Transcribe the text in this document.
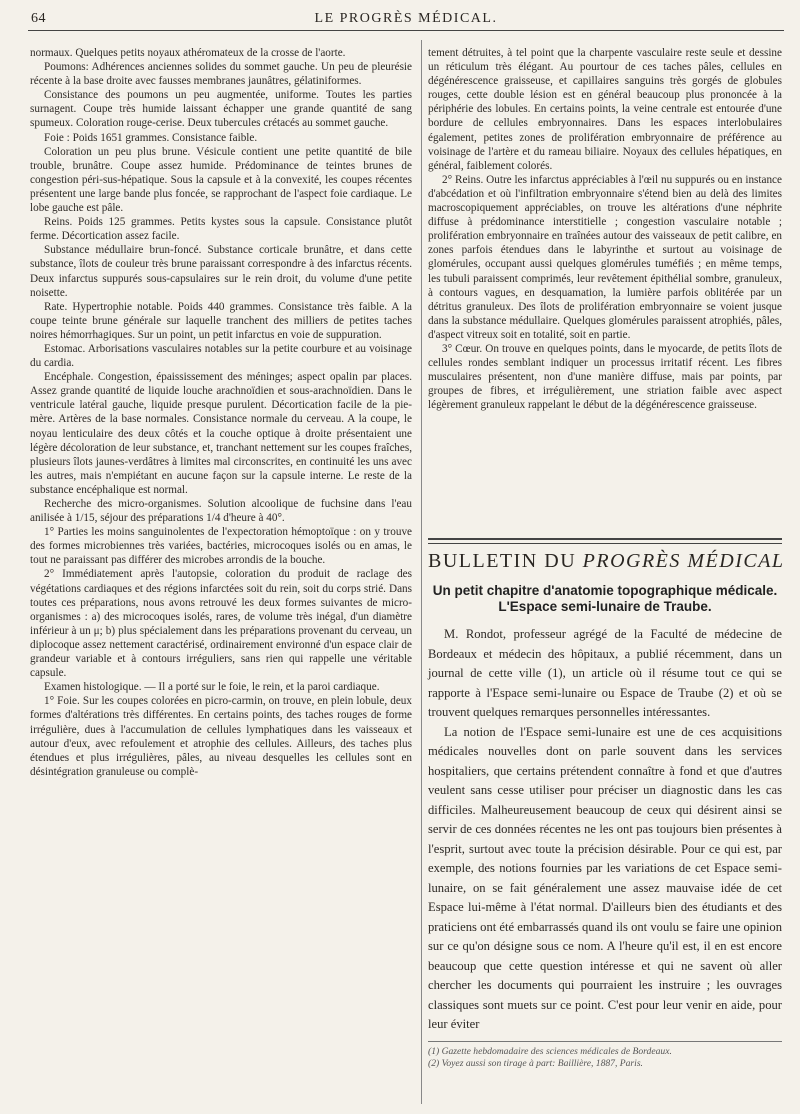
64	LE PROGRÈS MÉDICAL.

normaux. Quelques petits noyaux athéromateux de la crosse de l'aorte.

Poumons: Adhérences anciennes solides du sommet gauche. Un peu de pleurésie récente à la base droite avec fausses membranes jaunâtres, gélatiniformes.

Consistance des poumons un peu augmentée, uniforme. Toutes les parties surnagent. Coupe très humide laissant échapper une grande quantité de sang spumeux. Coloration rouge-cerise. Deux tubercules crétacés au sommet gauche.

Foie : Poids 1651 grammes. Consistance faible.

Coloration un peu plus brune. Vésicule contient une petite quantité de bile trouble, brunâtre. Coupe assez humide. Prédominance de teintes brunes de congestion péri-sus-hépatique. Sous la capsule et à la convexité, les coupes récentes présentent une large bande plus foncée, se rapprochant de l'aspect foie cardiaque. Le lobe gauche est pâle.

Reins. Poids 125 grammes. Petits kystes sous la capsule. Consistance plutôt ferme. Décortication assez facile.

Substance médullaire brun-foncé. Substance corticale brunâtre, et dans cette substance, îlots de couleur très brune paraissant correspondre à des infarctus récents. Deux infarctus suppurés sous-capsulaires sur le rein droit, du volume d'une petite noisette.

Rate. Hypertrophie notable. Poids 440 grammes. Consistance très faible. A la coupe teinte brune générale sur laquelle tranchent des milliers de petites taches noires hémorrhagiques. Sur un point, un petit infarctus en voie de suppuration.

Estomac. Arborisations vasculaires notables sur la petite courbure et au voisinage du cardia.

Encéphale. Congestion, épaississement des méninges; aspect opalin par places. Assez grande quantité de liquide louche arachnoïdien et sous-arachnoïdien. Dans le ventricule latéral gauche, liquide presque purulent. Décortication facile de la pie-mère. Artères de la base normales. Consistance normale du cerveau. A la coupe, le noyau lenticulaire des deux côtés et la couche optique à droite présentaient une légère décoloration de leur substance, et, tranchant nettement sur les coupes fraîches, plusieurs îlots jaunes-verdâtres à limites mal circonscrites, en continuité les uns avec les autres, mais n'empiétant en aucune façon sur la capsule interne. Le reste de la substance encéphalique est normal.

Recherche des micro-organismes. Solution alcoolique de fuchsine dans l'eau anilisée à 1/15, séjour des préparations 1/4 d'heure à 40°.

1° Parties les moins sanguinolentes de l'expectoration hémoptoïque : on y trouve des formes microbiennes très variées, bactéries, microcoques isolés ou en amas, le tout ne paraissant pas différer des microbes arrondis de la bouche.

2° Immédiatement après l'autopsie, coloration du produit de raclage des végétations cardiaques et des régions infarctées soit du rein, soit du corps strié. Dans toutes ces préparations, nous avons retrouvé les deux formes suivantes de micro-organismes : a) des microcoques isolés, rares, de volume très inégal, d'un diamètre inférieur à un μ; b) plus spécialement dans les préparations provenant du cerveau, un diplocoque assez nettement caractérisé, ordinairement environné d'un espace clair de grandeur variable et à contours irréguliers, sans rien qui rappelle une véritable capsule.

Examen histologique. — Il a porté sur le foie, le rein, et la paroi cardiaque.

1° Foie. Sur les coupes colorées en picro-carmin, on trouve, en plein lobule, deux formes d'altérations très différentes. En certains points, des taches rouges de forme irrégulière, dues à l'accumulation de cellules lymphatiques dans les vaisseaux et autour d'eux, avec refoulement et atrophie des cellules. Ailleurs, des taches plus étendues et plus irrégulières, pâles, au niveau desquelles les cellules sont en désintégration granuleuse ou complè-

tement détruites, à tel point que la charpente vasculaire reste seule et dessine un réticulum très élégant. Au pourtour de ces taches pâles, cellules en dégénérescence graisseuse, et capillaires sanguins très gorgés de globules rouges, cette double lésion est en général beaucoup plus prononcée à la périphérie des lobules. En certains points, la veine centrale est entourée d'une bordure de cellules embryonnaires. Dans les espaces interlobulaires également, petites zones de prolifération embryonnaire de préférence au voisinage de l'artère et du rameau biliaire. Noyaux des cellules hépatiques, en général, faiblement colorés.

2° Reins. Outre les infarctus appréciables à l'œil nu suppurés ou en instance d'abcédation et où l'infiltration embryonnaire s'étend bien au delà des limites macroscopiquement appréciables, on trouve les altérations d'une néphrite diffuse à prédominance interstitielle ; congestion vasculaire notable ; prolifération embryonnaire en traînées autour des vaisseaux de petit calibre, en zones parfois étendues dans le labyrinthe et surtout au voisinage de glomérules, occupant aussi quelques glomérules tuméfiés ; en même temps, les tubuli paraissent comprimés, leur revêtement épithélial sombre, granuleux, à contours vagues, en desquamation, la lumière parfois oblitérée par un détritus granuleux. Des îlots de prolifération embryonnaire se voient jusque dans la substance médullaire. Quelques glomérules paraissent atrophiés, pâles, d'aspect vitreux soit en totalité, soit en partie.

3° Cœur. On trouve en quelques points, dans le myocarde, de petits îlots de cellules rondes semblant indiquer un processus irritatif récent. Les fibres musculaires présentent, non d'une manière diffuse, mais par points, par groupes de fibres, et irrégulièrement, une striation faible avec aspect légèrement granuleux rappelant le début de la dégénérescence graisseuse.

BULLETIN DU PROGRÈS MÉDICAL
Un petit chapitre d'anatomie topographique médicale. L'Espace semi-lunaire de Traube.

M. Rondot, professeur agrégé de la Faculté de médecine de Bordeaux et médecin des hôpitaux, a publié récemment, dans un journal de cette ville (1), un article où il résume tout ce qui se rapporte à l'Espace semi-lunaire ou Espace de Traube (2) et où se trouvent quelques remarques personnelles intéressantes.

La notion de l'Espace semi-lunaire est une de ces acquisitions médicales nouvelles dont on parle souvent dans les services hospitaliers, que certains prétendent connaître à fond et que d'autres veulent sans cesse utiliser pour préciser un diagnostic dans les cas difficiles. Malheureusement beaucoup de ceux qui désirent ainsi se servir de ces données récentes ne les ont pas toujours bien présentes à l'esprit, surtout avec toute la précision désirable. Pour ce qui est, par exemple, des notions fournies par les variations de cet Espace semi-lunaire, on se fait généralement une assez mauvaise idée de cet Espace lui-même à l'état normal. D'ailleurs bien des étudiants et des praticiens ont été embarrassés quand ils ont voulu se faire une opinion sur ce qu'on désigne sous ce nom. A l'heure qu'il est, il en est encore beaucoup que cette question intéresse et qui ne savent où aller chercher les documents qui pourraient les instruire ; les ouvrages classiques sont muets sur ce point. C'est pour leur venir en aide, pour leur éviter

(1) Gazette hebdomadaire des sciences médicales de Bordeaux.
(2) Voyez aussi son tirage à part: Baillière, 1887, Paris.
